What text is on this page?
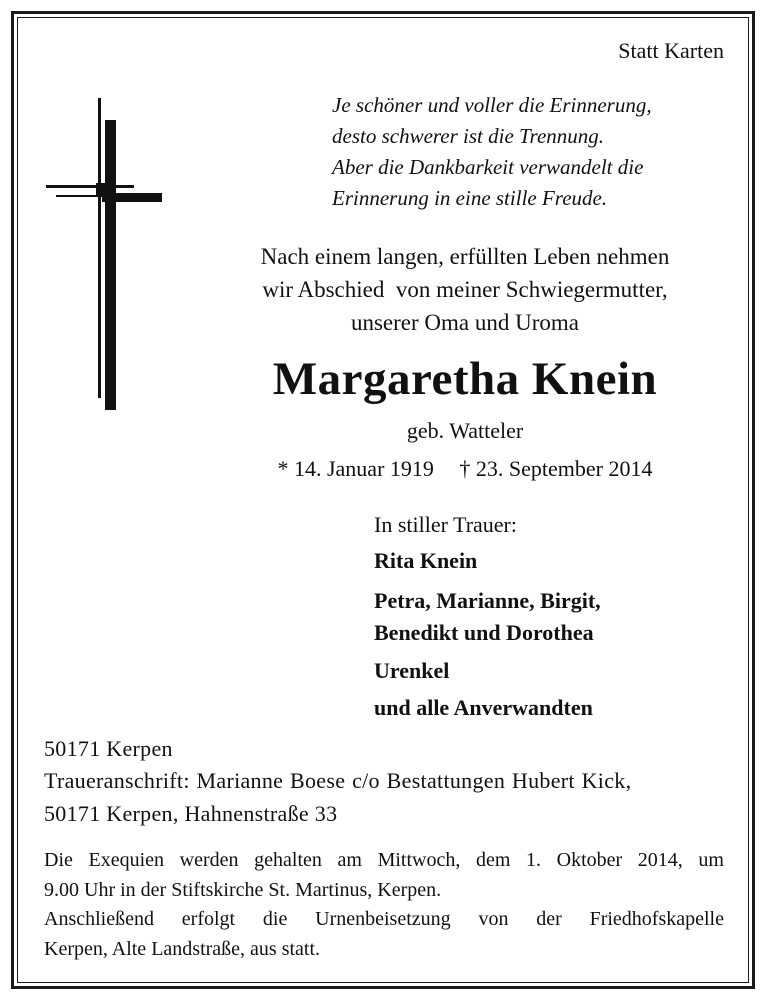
Statt Karten
Je schöner und voller die Erinnerung,
desto schwerer ist die Trennung.
Aber die Dankbarkeit verwandelt die
Erinnerung in eine stille Freude.
Nach einem langen, erfüllten Leben nehmen
wir Abschied  von meiner Schwiegermutter,
unserer Oma und Uroma
Margaretha Knein
geb. Watteler
* 14. Januar 1919 † 23. September 2014
In stiller Trauer:
Rita Knein
Petra, Marianne, Birgit,
Benedikt und Dorothea
Urenkel
und alle Anverwandten
50171 Kerpen
Traueranschrift: Marianne Boese c/o Bestattungen Hubert Kick,
50171 Kerpen, Hahnenstraße 33
Die Exequien werden gehalten am Mittwoch, dem 1. Oktober 2014, um
9.00 Uhr in der Stiftskirche St. Martinus, Kerpen.
Anschließend erfolgt die Urnenbeisetzung von der Friedhofskapelle
Kerpen, Alte Landstraße, aus statt.
